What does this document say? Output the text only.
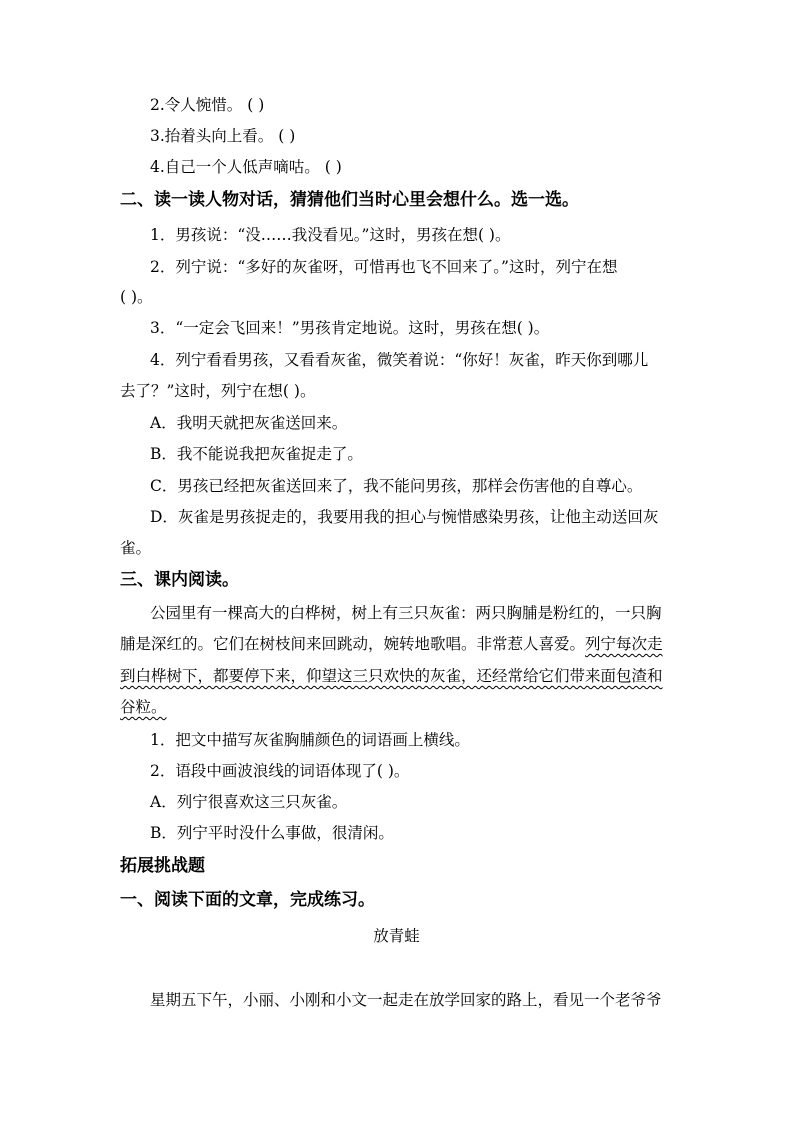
2.令人惋惜。 ( )
3.抬着头向上看。 ( )
4.自己一个人低声嘀咕。 ( )
二、读一读人物对话，猜猜他们当时心里会想什么。选一选。
1．男孩说：“没……我没看见。”这时，男孩在想( )。
2．列宁说：“多好的灰雀呀，可惜再也飞不回来了。”这时，列宁在想
( )。
3．“一定会飞回来！”男孩肯定地说。这时，男孩在想( )。
4．列宁看看男孩，又看看灰雀，微笑着说：“你好！灰雀，昨天你到哪儿
去了？”这时，列宁在想( )。
A．我明天就把灰雀送回来。
B．我不能说我把灰雀捉走了。
C．男孩已经把灰雀送回来了，我不能问男孩，那样会伤害他的自尊心。
D．灰雀是男孩捉走的，我要用我的担心与惋惜感染男孩，让他主动送回灰
雀。
三、课内阅读。
公园里有一棵高大的白桦树，树上有三只灰雀：两只胸脯是粉红的，一只胸
脯是深红的。它们在树枝间来回跳动，婉转地歌唱。非常惹人喜爱。列宁每次走
到白桦树下，都要停下来，仰望这三只欢快的灰雀，还经常给它们带来面包渣和
谷粒。
1．把文中描写灰雀胸脯颜色的词语画上横线。
2．语段中画波浪线的词语体现了( )。
A．列宁很喜欢这三只灰雀。
B．列宁平时没什么事做，很清闲。
拓展挑战题
一、阅读下面的文章，完成练习。
放青蛙
星期五下午，小丽、小刚和小文一起走在放学回家的路上，看见一个老爷爷
